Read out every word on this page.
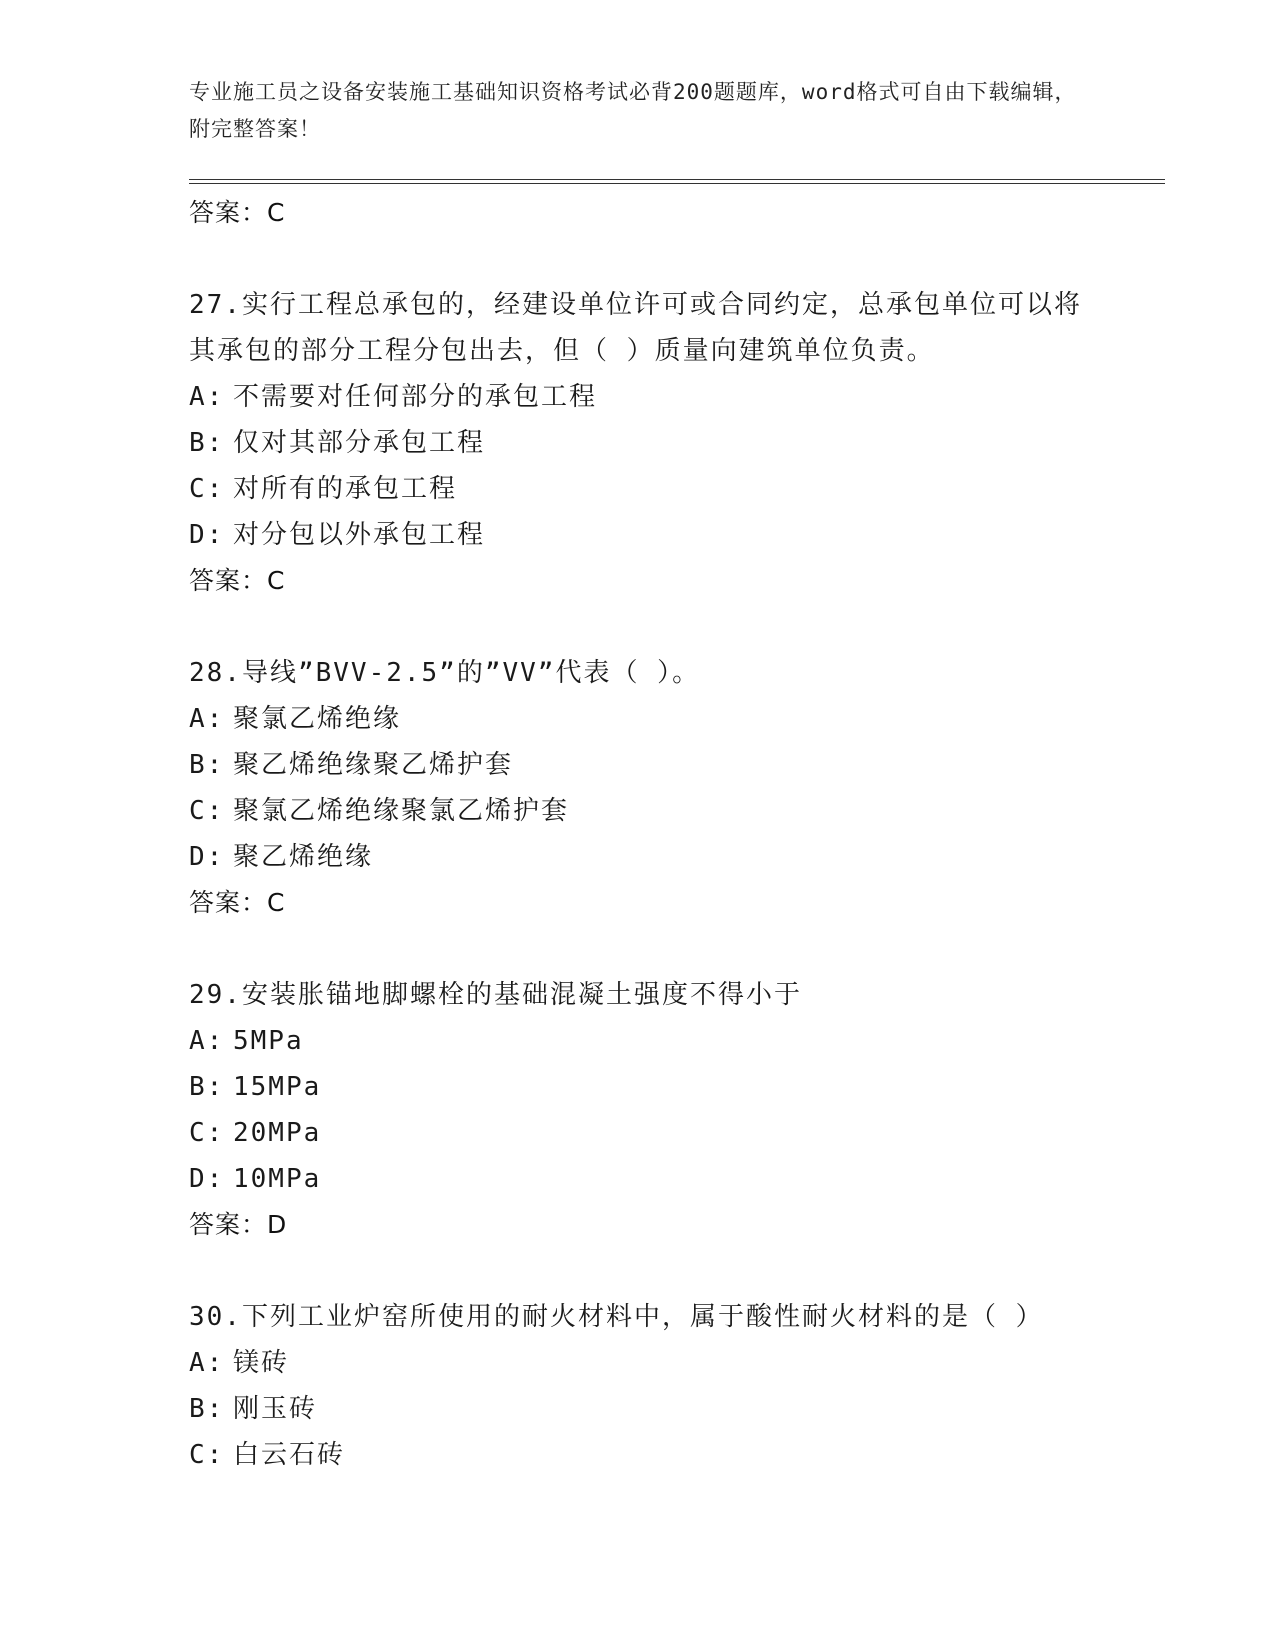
专业施工员之设备安装施工基础知识资格考试必背200题题库，word格式可自由下载编辑，附完整答案！
答案：C
27.实行工程总承包的，经建设单位许可或合同约定，总承包单位可以将其承包的部分工程分包出去，但（ ）质量向建筑单位负责。
A: 不需要对任何部分的承包工程
B: 仅对其部分承包工程
C: 对所有的承包工程
D: 对分包以外承包工程
答案：C
28.导线”BVV-2.5”的”VV”代表（ ）。
A: 聚氯乙烯绝缘
B: 聚乙烯绝缘聚乙烯护套
C: 聚氯乙烯绝缘聚氯乙烯护套
D: 聚乙烯绝缘
答案：C
29.安装胀锚地脚螺栓的基础混凝土强度不得小于
A: 5MPa
B: 15MPa
C: 20MPa
D: 10MPa
答案：D
30.下列工业炉窑所使用的耐火材料中，属于酸性耐火材料的是（ ）
A: 镁砖
B: 刚玉砖
C: 白云石砖
